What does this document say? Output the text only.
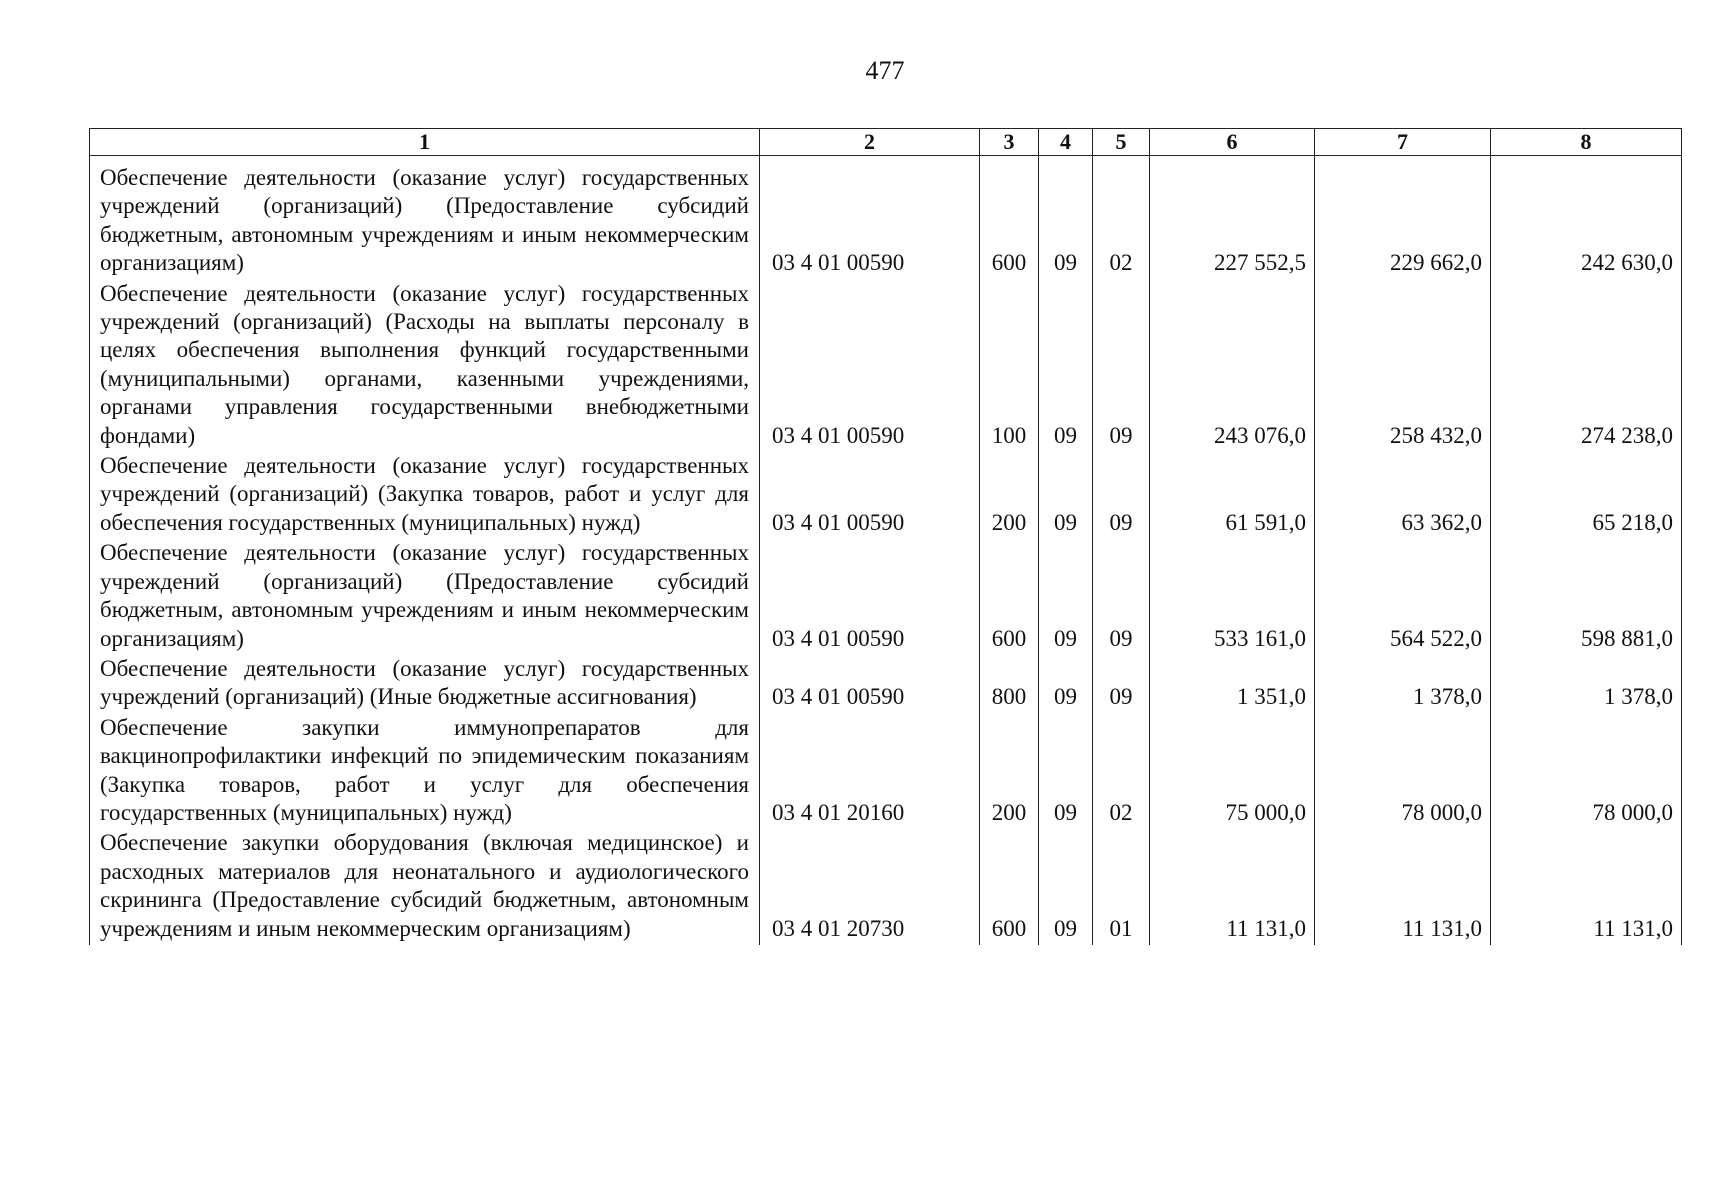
477
1	2	3	4	5	6	7	8
Обеспечение деятельности (оказание услуг) государственных учреждений (организаций) (Предоставление субсидий бюджетным, автономным учреждениям и иным некоммерческим организациям)	03 4 01 00590	600	09	02	227 552,5	229 662,0	242 630,0
Обеспечение деятельности (оказание услуг) государственных учреждений (организаций) (Расходы на выплаты персоналу в целях обеспечения выполнения функций государственными (муниципальными) органами, казенными учреждениями, органами управления государственными внебюджетными фондами)	03 4 01 00590	100	09	09	243 076,0	258 432,0	274 238,0
Обеспечение деятельности (оказание услуг) государственных учреждений (организаций) (Закупка товаров, работ и услуг для обеспечения государственных (муниципальных) нужд)	03 4 01 00590	200	09	09	61 591,0	63 362,0	65 218,0
Обеспечение деятельности (оказание услуг) государственных учреждений (организаций) (Предоставление субсидий бюджетным, автономным учреждениям и иным некоммерческим организациям)	03 4 01 00590	600	09	09	533 161,0	564 522,0	598 881,0
Обеспечение деятельности (оказание услуг) государственных учреждений (организаций) (Иные бюджетные ассигнования)	03 4 01 00590	800	09	09	1 351,0	1 378,0	1 378,0
Обеспечение закупки иммунопрепаратов для вакцинопрофилактики инфекций по эпидемическим показаниям (Закупка товаров, работ и услуг для обеспечения государственных (муниципальных) нужд)	03 4 01 20160	200	09	02	75 000,0	78 000,0	78 000,0
Обеспечение закупки оборудования (включая медицинское) и расходных материалов для неонатального и аудиологического скрининга (Предоставление субсидий бюджетным, автономным учреждениям и иным некоммерческим организациям)	03 4 01 20730	600	09	01	11 131,0	11 131,0	11 131,0
